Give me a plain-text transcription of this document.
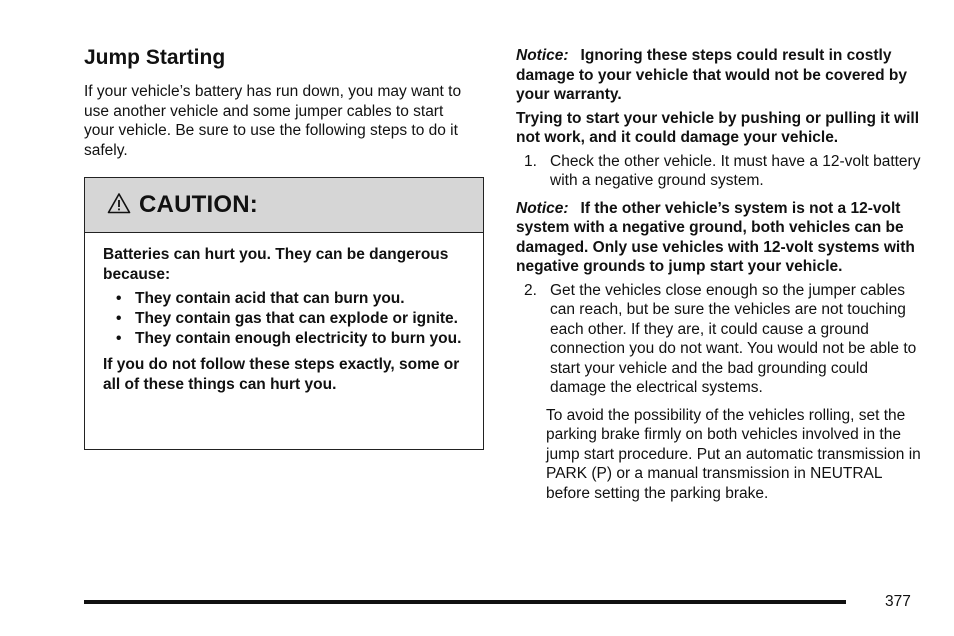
Jump Starting

If your vehicle’s battery has run down, you may want to use another vehicle and some jumper cables to start your vehicle. Be sure to use the following steps to do it safely.

CAUTION:

Batteries can hurt you. They can be dangerous because:

• They contain acid that can burn you.
• They contain gas that can explode or ignite.
• They contain enough electricity to burn you.

If you do not follow these steps exactly, some or all of these things can hurt you.

Notice: Ignoring these steps could result in costly damage to your vehicle that would not be covered by your warranty.

Trying to start your vehicle by pushing or pulling it will not work, and it could damage your vehicle.

1. Check the other vehicle. It must have a 12-volt battery with a negative ground system.

Notice: If the other vehicle’s system is not a 12-volt system with a negative ground, both vehicles can be damaged. Only use vehicles with 12-volt systems with negative grounds to jump start your vehicle.

2. Get the vehicles close enough so the jumper cables can reach, but be sure the vehicles are not touching each other. If they are, it could cause a ground connection you do not want. You would not be able to start your vehicle and the bad grounding could damage the electrical systems.

To avoid the possibility of the vehicles rolling, set the parking brake firmly on both vehicles involved in the jump start procedure. Put an automatic transmission in PARK (P) or a manual transmission in NEUTRAL before setting the parking brake.

377
